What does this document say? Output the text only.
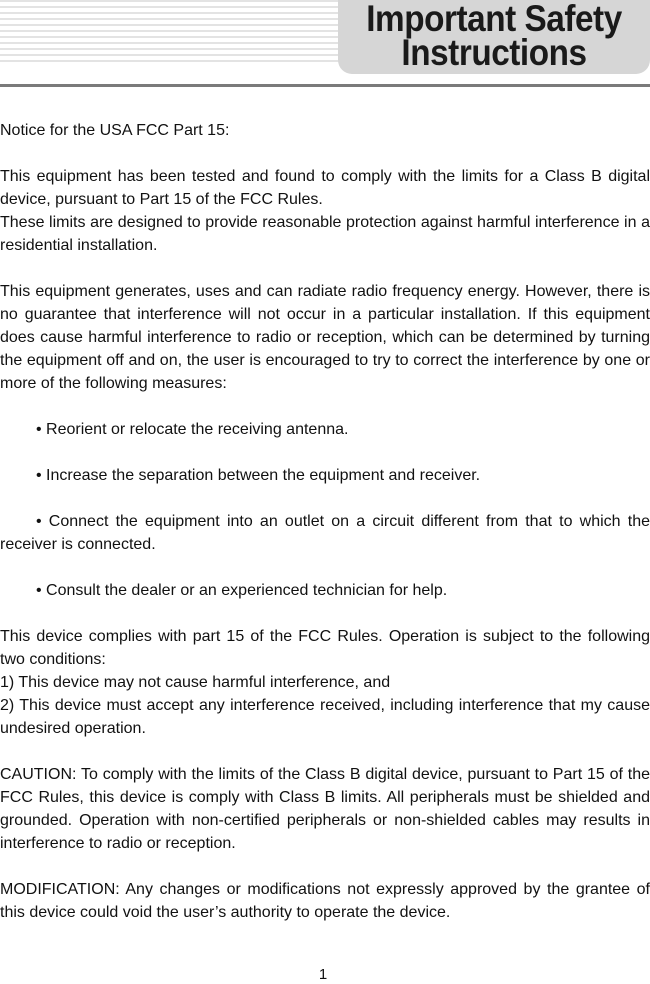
Important Safety
Instructions

Notice for the USA FCC Part 15:

This equipment has been tested and found to comply with the limits for a Class B digital device, pursuant to Part 15 of the FCC Rules.

These limits are designed to provide reasonable protection against harmful interference in a residential installation.

This equipment generates, uses and can radiate radio frequency energy. However, there is no guarantee that interference will not occur in a particular installation. If this equipment does cause harmful interference to radio or reception, which can be determined by turning the equipment off and on, the user is encouraged to try to correct the interference by one or more of the following measures:

• Reorient or relocate the receiving antenna.

• Increase the separation between the equipment and receiver.

• Connect the equipment into an outlet on a circuit different from that to which the receiver is connected.

• Consult the dealer or an experienced technician for help.

This device complies with part 15 of the FCC Rules. Operation is subject to the following two conditions:

1) This device may not cause harmful interference, and

2) This device must accept any interference received, including interference that my cause undesired operation.

CAUTION: To comply with the limits of the Class B digital device, pursuant to Part 15 of the FCC Rules, this device is comply with Class B limits. All peripherals must be shielded and grounded. Operation with non-certified peripherals or non-shielded cables may results in interference to radio or reception.

MODIFICATION: Any changes or modifications not expressly approved by the grantee of this device could void the user’s authority to operate the device.

1
